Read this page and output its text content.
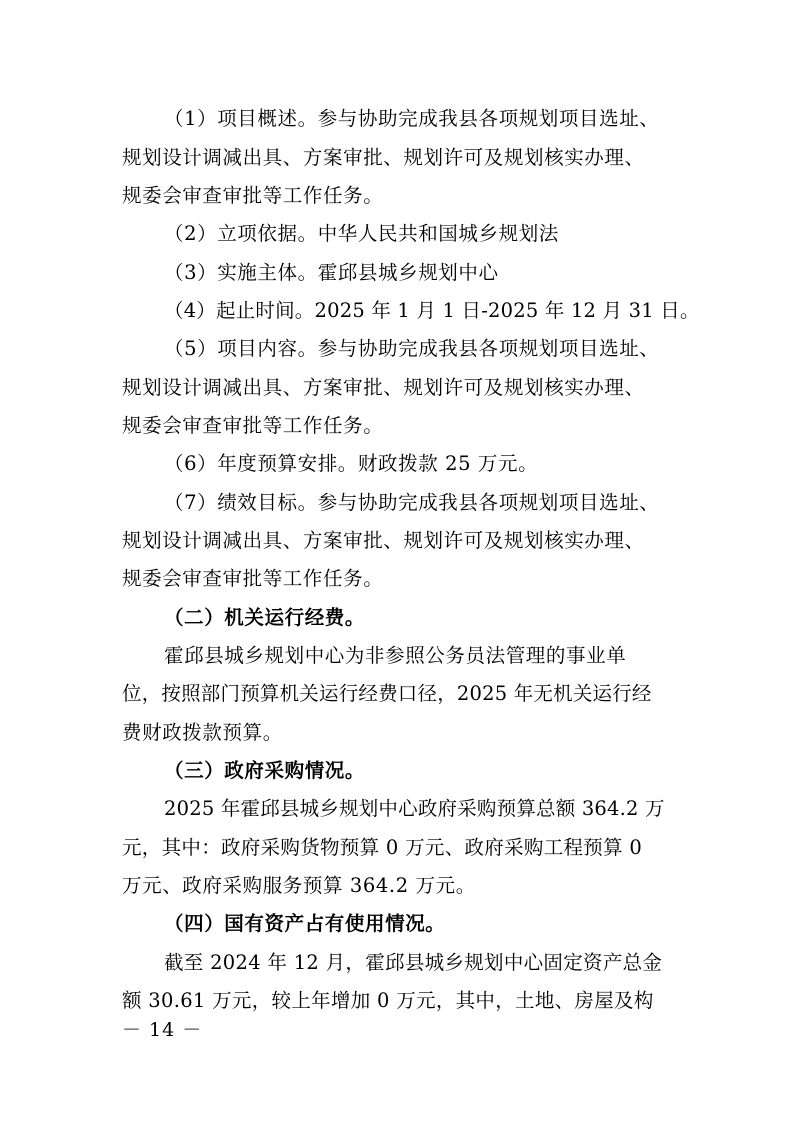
（1）项目概述。参与协助完成我县各项规划项目选址、
规划设计调减出具、方案审批、规划许可及规划核实办理、
规委会审查审批等工作任务。
（2）立项依据。中华人民共和国城乡规划法
（3）实施主体。霍邱县城乡规划中心
（4）起止时间。2025 年 1 月 1 日-2025 年 12 月 31 日。
（5）项目内容。参与协助完成我县各项规划项目选址、
规划设计调减出具、方案审批、规划许可及规划核实办理、
规委会审查审批等工作任务。
（6）年度预算安排。财政拨款 25 万元。
（7）绩效目标。参与协助完成我县各项规划项目选址、
规划设计调减出具、方案审批、规划许可及规划核实办理、
规委会审查审批等工作任务。
（二）机关运行经费。
霍邱县城乡规划中心为非参照公务员法管理的事业单
位，按照部门预算机关运行经费口径，2025 年无机关运行经
费财政拨款预算。
（三）政府采购情况。
2025 年霍邱县城乡规划中心政府采购预算总额 364.2 万
元，其中：政府采购货物预算 0 万元、政府采购工程预算 0
万元、政府采购服务预算 364.2 万元。
（四）国有资产占有使用情况。
截至 2024 年 12 月，霍邱县城乡规划中心固定资产总金
额 30.61 万元，较上年增加 0 万元，其中，土地、房屋及构
－ 14 －
